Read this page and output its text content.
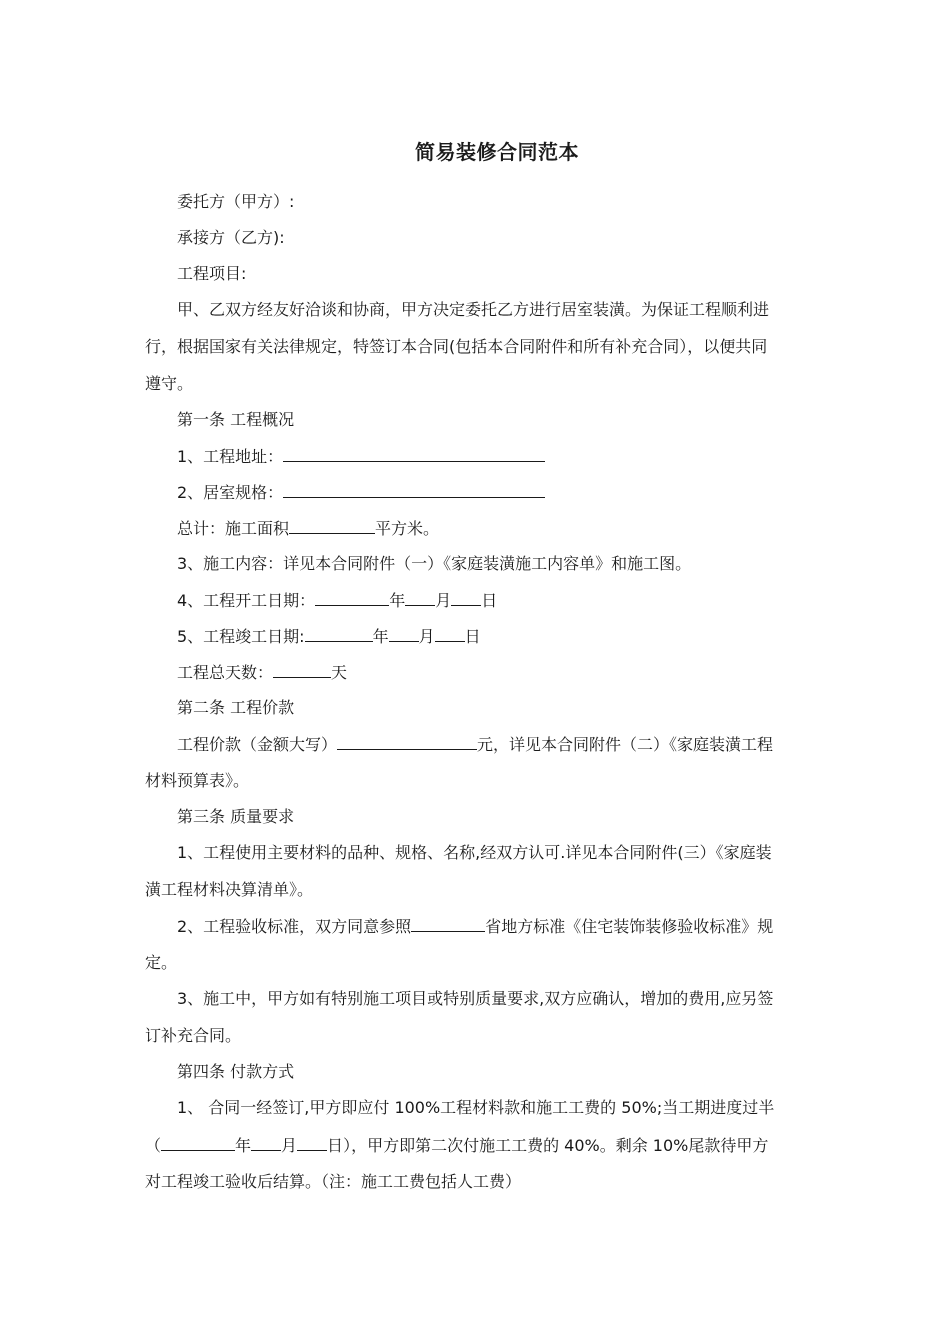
简易装修合同范本
委托方（甲方）:
承接方（乙方):
工程项目:
甲、乙双方经友好洽谈和协商，甲方决定委托乙方进行居室装潢。为保证工程顺利进
行，根据国家有关法律规定，特签订本合同(包括本合同附件和所有补充合同），以便共同
遵守。
第一条 工程概况
1、工程地址：
2、居室规格：
总计：施工面积	平方米。
3、施工内容：详见本合同附件（一）《家庭装潢施工内容单》和施工图。
4、工程开工日期：	年 月 日
5、工程竣工日期:	年 月 日
工程总天数：	天
第二条 工程价款
工程价款（金额大写）	元，详见本合同附件（二）《家庭装潢工程
材料预算表》。
第三条 质量要求
1、工程使用主要材料的品种、规格、名称,经双方认可.详见本合同附件(三）《家庭装
潢工程材料决算清单》。
2、工程验收标准，双方同意参照	省地方标准《住宅装饰装修验收标准》规
定。
3、施工中，甲方如有特别施工项目或特别质量要求,双方应确认，增加的费用,应另签
订补充合同。
第四条 付款方式
1、 合同一经签订,甲方即应付 100%工程材料款和施工工费的 50%;当工期进度过半
（	年 月 日），甲方即第二次付施工工费的 40%。剩余 10%尾款待甲方
对工程竣工验收后结算。（注：施工工费包括人工费）
